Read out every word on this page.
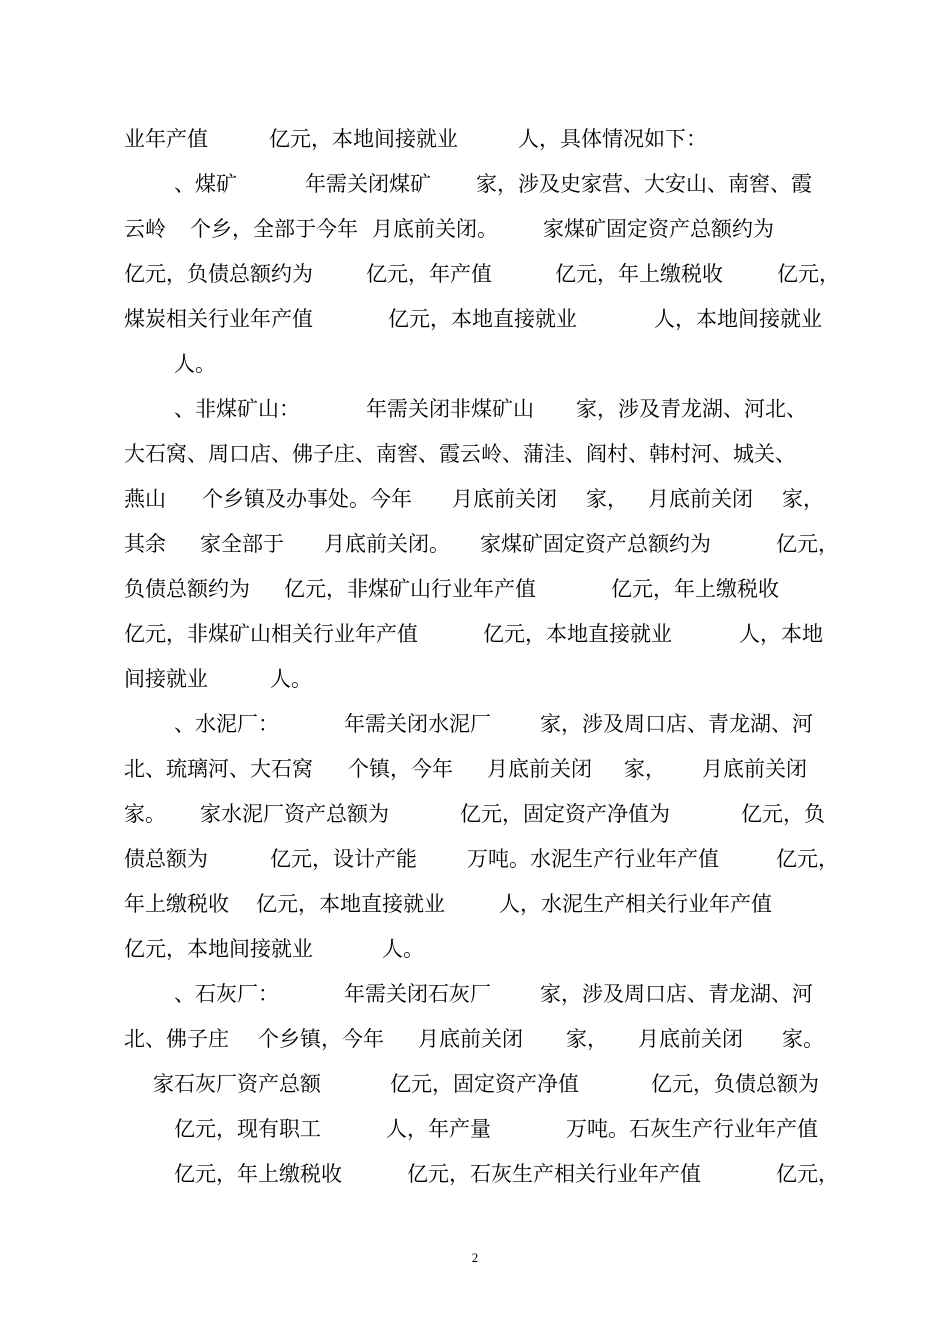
业年产值

	亿元，本地间接就业

	人，具体情况如下：

、煤矿

	年需关闭煤矿

家，涉及史家营、大安山、南窖、霞

云岭

个乡，全部于今年

月底前关闭。

家煤矿固定资产总额约为

亿元，负债总额约为

	亿元，年产值

	亿元，年上缴税收

	亿元，

煤炭相关行业年产值

	亿元，本地直接就业

	人，本地间接就业

人。

、非煤矿山：

	年需关闭非煤矿山

家，涉及青龙湖、河北、

大石窝、周口店、佛子庄、南窖、霞云岭、蒲洼、阎村、韩村河、城关、

燕山

个乡镇及办事处。今年

月底前关闭

家，

月底前关闭

家，

其余

家全部于

月底前关闭。

家煤矿固定资产总额约为

	亿元，

负债总额约为

亿元，非煤矿山行业年产值

	亿元，年上缴税收

亿元，非煤矿山相关行业年产值

	亿元，本地直接就业

	人，本地

间接就业

	人。

、水泥厂：

	年需关闭水泥厂

家，涉及周口店、青龙湖、河

北、琉璃河、大石窝

个镇，今年

月底前关闭

家，

月底前关闭

家。

家水泥厂资产总额为

	亿元，固定资产净值为

	亿元，负

债总额为

	亿元，设计产能

万吨。水泥生产行业年产值

	亿元，

年上缴税收

亿元，本地直接就业

	人，水泥生产相关行业年产值

亿元，本地间接就业

	人。

、石灰厂：

	年需关闭石灰厂

家，涉及周口店、青龙湖、河

北、佛子庄

个乡镇，今年

月底前关闭

家，

月底前关闭

家。

家石灰厂资产总额

	亿元，固定资产净值

	亿元，负债总额为

亿元，现有职工

	人，年产量

	万吨。石灰生产行业年产值

亿元，年上缴税收

	亿元，石灰生产相关行业年产值

	亿元，

2
